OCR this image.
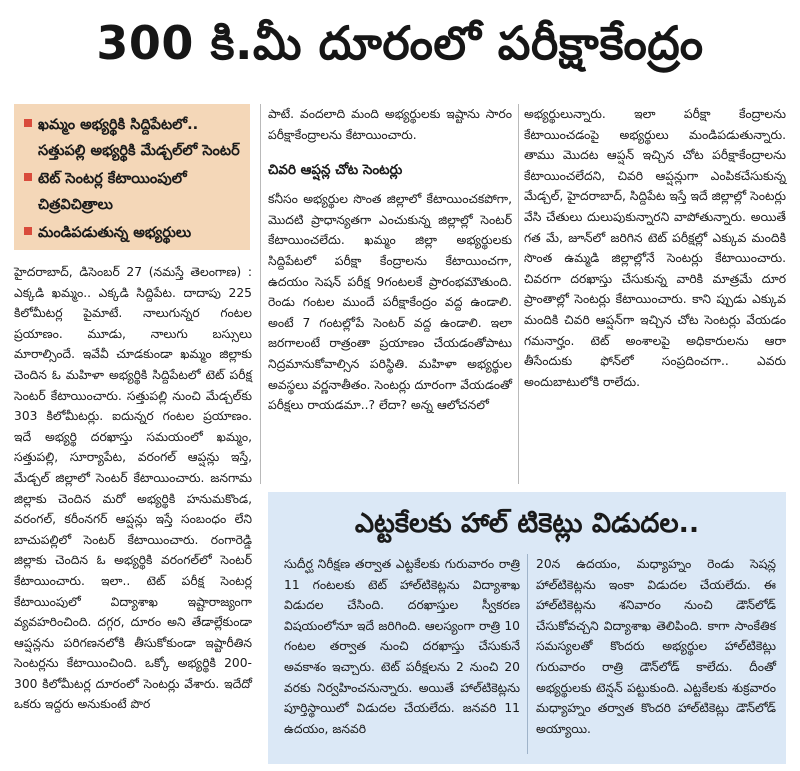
300 కి.మీ దూరంలో పరీక్షాకేంద్రం
ఖమ్మం అభ్యర్థికి సిద్దిపేటలో.. సత్తుపల్లి అభ్యర్థికి మేడ్చల్‌లో సెంటర్
టెట్ సెంటర్ల కేటాయింపులో చిత్రవిచిత్రాలు
మండిపడుతున్న అభ్యర్థులు

హైదరాబాద్, డిసెంబర్ 27 (నమస్తే తెలంగాణ) : ఎక్కడి ఖమ్మం.. ఎక్కడి సిద్దిపేట. దాదాపు 225 కిలోమీటర్ల పైమాటే. నాలుగున్నర గంటల ప్రయాణం. మూడు, నాలుగు బస్సులు మారాల్సిందే. ఇవేవీ చూడకుండా ఖమ్మం జిల్లాకు చెందిన ఓ మహిళా అభ్యర్థికి సిద్దిపేటలో టెట్ పరీక్ష సెంటర్ కేటాయించారు. సత్తుపల్లి నుంచి మేడ్చల్‌కు 303 కిలోమీటర్లు. ఐదున్నర గంటల ప్రయాణం. ఇదే అభ్యర్థి దరఖాస్తు సమయంలో ఖమ్మం, సత్తుపల్లి, సూర్యాపేట, వరంగల్ ఆప్షన్లు ఇస్తే, మేడ్చల్ జిల్లాలో సెంటర్ కేటాయించారు. జనగామ జిల్లాకు చెందిన మరో అభ్యర్థికి హనుమకొండ, వరంగల్, కరీంనగర్ ఆప్షన్లు ఇస్తే సంబంధం లేని బాచుపల్లిలో సెంటర్ కేటాయించారు. రంగారెడ్డి జిల్లాకు చెందిన ఓ అభ్యర్థికి వరంగల్‌లో సెంటర్ కేటాయించారు. ఇలా.. టెట్ పరీక్ష సెంటర్ల కేటాయింపులో విద్యాశాఖ ఇష్టారాజ్యంగా వ్యవహరించింది. దగ్గర, దూరం అని తేడాల్లేకుండా ఆప్షన్లను పరిగణనలోకి తీసుకోకుండా ఇష్టారీతిన సెంటర్లను కేటాయించింది. ఒక్కో అభ్యర్థికి 200-300 కిలోమీటర్ల దూరంలో సెంటర్లు వేశారు. ఇదేదో ఒకరు ఇద్దరు అనుకుంటే పొర

పాటే. వందలాది మంది అభ్యర్థులకు ఇష్టాను సారం పరీక్షాకేంద్రాలను కేటాయించారు.

చివరి ఆప్షన్ల చోట సెంటర్లు

కనీసం అభ్యర్థుల సొంత జిల్లాలో కేటాయించకపోగా, మొదటి ప్రాధాన్యతగా ఎంచుకున్న జిల్లాల్లో సెంటర్ కేటాయించలేదు. ఖమ్మం జిల్లా అభ్యర్థులకు సిద్దిపేటలో పరీక్షా కేంద్రాలను కేటాయించగా, ఉదయం సెషన్ పరీక్ష 9గంటలకే ప్రారంభమౌతుంది. రెండు గంటల ముందే పరీక్షాకేంద్రం వద్ద ఉండాలి. అంటే 7 గంటల్లోపే సెంటర్ వద్ద ఉండాలి. ఇలా జరగాలంటే రాత్రంతా ప్రయాణం చేయడంతోపాటు నిద్రమానుకోవాల్సిన పరిస్థితి. మహిళా అభ్యర్థుల అవస్థలు వర్ణనాతీతం. సెంటర్లు దూరంగా వేయడంతో పరీక్షలు రాయడమా..? లేదా? అన్న ఆలోచనలో

అభ్యర్థులున్నారు. ఇలా పరీక్షా కేంద్రాలను కేటాయించడంపై అభ్యర్థులు మండిపడుతున్నారు. తాము మొదట ఆప్షన్ ఇచ్చిన చోట పరీక్షాకేంద్రాలను కేటాయించలేదని, చివరి ఆప్షన్లుగా ఎంపికచేసుకున్న మేడ్చల్, హైదరాబాద్, సిద్దిపేట ఇస్తే ఇదే జిల్లాల్లో సెంటర్లు వేసి చేతులు దులుపుకున్నారని వాపోతున్నారు. అయితే గత మే, జూన్‌లో జరిగిన టెట్ పరీక్షల్లో ఎక్కువ మందికి సొంత ఉమ్మడి జిల్లాల్లోనే సెంటర్లు కేటాయించారు. చివరగా దరఖాస్తు చేసుకున్న వారికి మాత్రమే దూర ప్రాంతాల్లో సెంటర్లు కేటాయించారు. కాని ప్పుడు ఎక్కువ మందికి చివరి ఆప్షన్‌గా ఇచ్చిన చోట సెంటర్లు వేయడం గమనార్హం. టెట్ అంశాలపై అధికారులను ఆరా తీసేందుకు ఫోన్‌లో సంప్రదించగా.. ఎవరు అందుబాటులోకి రాలేదు.

ఎట్టకేలకు హాల్ టికెట్లు విడుదల..

సుదీర్ఘ నిరీక్షణ తర్వాత ఎట్టకేలకు గురువారం రాత్రి 11 గంటలకు టెట్ హాల్‌టికెట్లను విద్యాశాఖ విడుదల చేసింది. దరఖాస్తుల స్వీకరణ విషయంలోనూ ఇదే జరిగింది. ఆలస్యంగా రాత్రి 10 గంటల తర్వాత నుంచి దరఖాస్తు చేసుకునే అవకాశం ఇచ్చారు. టెట్ పరీక్షలను 2 నుంచి 20 వరకు నిర్వహించనున్నారు. అయితే హాల్‌టికెట్లను పూర్తిస్థాయిలో విడుదల చేయలేదు. జనవరి 11 ఉదయం, జనవరి

20న ఉదయం, మధ్యాహ్నం రెండు సెషన్ల హాల్‌టికెట్లను ఇంకా విడుదల చేయలేదు. ఈ హాల్‌టికెట్లను శనివారం నుంచి డౌన్‌లోడ్ చేసుకోవచ్చని విద్యాశాఖ తెలిపింది. కాగా సాంకేతిక సమస్యలతో కొందరు అభ్యర్థుల హాల్‌టికెట్లు గురువారం రాత్రి డౌన్‌లోడ్ కాలేదు. దీంతో అభ్యర్థులకు టెన్షన్ పట్టుకుంది. ఎట్టకేలకు శుక్రవారం మధ్యాహ్నం తర్వాత కొందరి హాల్‌టికెట్లు డౌన్‌లోడ్ అయ్యాయి.
